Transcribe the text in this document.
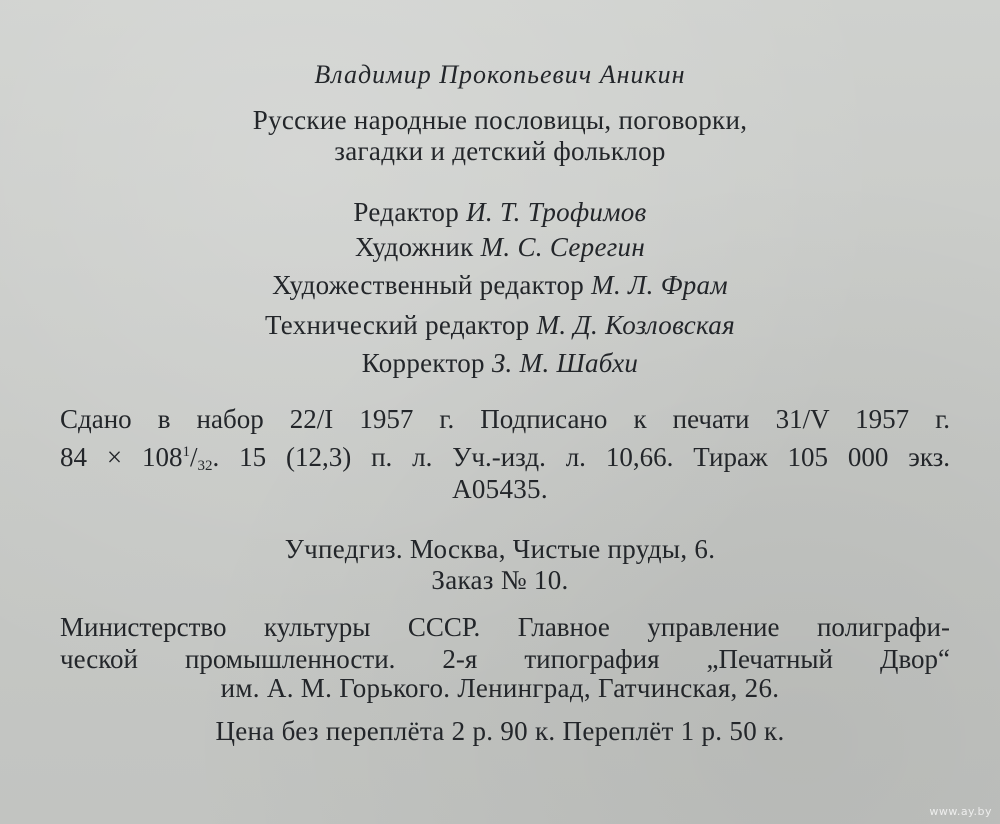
Владимир Прокопьевич Аникин
Русские народные пословицы, поговорки,
загадки и детский фольклор
Редактор И. Т. Трофимов
Художник М. С. Серегин
Художественный редактор М. Л. Фрам
Технический редактор М. Д. Козловская
Корректор З. М. Шабхи
Сдано в набор 22/I 1957 г. Подписано к печати 31/V 1957 г.
$84 \times 108^1/_{32}$. 15 (12,3) п. л. Уч.-изд. л. 10,66. Тираж 105 000 экз.
А05435.
Учпедгиз. Москва, Чистые пруды, 6.
Заказ № 10.
Министерство культуры СССР. Главное управление полиграфи-
ческой промышленности. 2-я типография „Печатный Двор“
им. А. М. Горького. Ленинград, Гатчинская, 26.
Цена без переплёта 2 р. 90 к. Переплёт 1 р. 50 к.
www.ay.by
